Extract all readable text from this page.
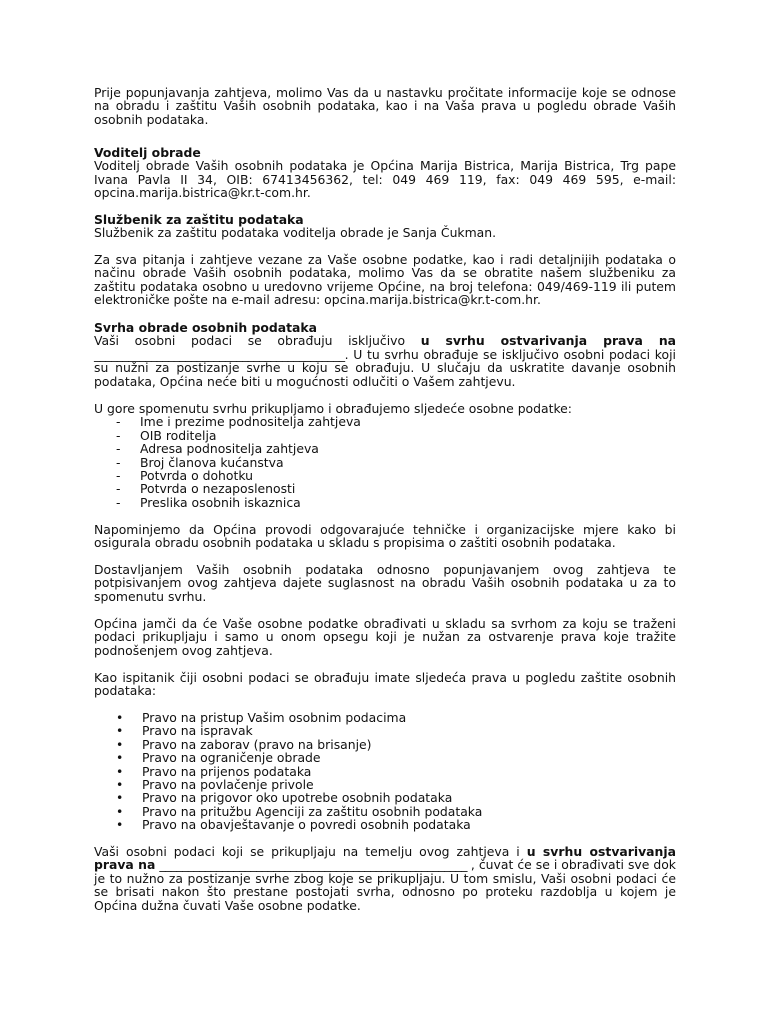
Prije popunjavanja zahtjeva, molimo Vas da u nastavku pročitate informacije koje se odnose na obradu i zaštitu Vaših osobnih podataka, kao i na Vaša prava u pogledu obrade Vaših osobnih podataka.

Voditelj obrade

Voditelj obrade Vaših osobnih podataka je Općina Marija Bistrica, Marija Bistrica, Trg pape Ivana Pavla II 34, OIB: 67413456362, tel: 049 469 119, fax: 049 469 595, e-mail: opcina.marija.bistrica@kr.t-com.hr.

Službenik za zaštitu podataka

Službenik za zaštitu podataka voditelja obrade je Sanja Čukman.

Za sva pitanja i zahtjeve vezane za Vaše osobne podatke, kao i radi detaljnijih podataka o načinu obrade Vaših osobnih podataka, molimo Vas da se obratite našem službeniku za zaštitu podataka osobno u uredovno vrijeme Općine, na broj telefona: 049/469-119 ili putem elektroničke pošte na e-mail adresu: opcina.marija.bistrica@kr.t-com.hr.

Svrha obrade osobnih podataka

Vaši osobni podaci se obrađuju isključivo u svrhu ostvarivanja prava na ____________________________________________. U tu svrhu obrađuje se isključivo osobni podaci koji su nužni za postizanje svrhe u koju se obrađuju. U slučaju da uskratite davanje osobnih podataka, Općina neće biti u mogućnosti odlučiti o Vašem zahtjevu.

U gore spomenutu svrhu prikupljamo i obrađujemo sljedeće osobne podatke:

- Ime i prezime podnositelja zahtjeva
- OIB roditelja
- Adresa podnositelja zahtjeva
- Broj članova kućanstva
- Potvrda o dohotku
- Potvrda o nezaposlenosti
- Preslika osobnih iskaznica

Napominjemo da Općina provodi odgovarajuće tehničke i organizacijske mjere kako bi osigurala obradu osobnih podataka u skladu s propisima o zaštiti osobnih podataka.

Dostavljanjem Vaših osobnih podataka odnosno popunjavanjem ovog zahtjeva te potpisivanjem ovog zahtjeva dajete suglasnost na obradu Vaših osobnih podataka u za to spomenutu svrhu.

Općina jamči da će Vaše osobne podatke obrađivati u skladu sa svrhom za koju se traženi podaci prikupljaju i samo u onom opsegu koji je nužan za ostvarenje prava koje tražite podnošenjem ovog zahtjeva.

Kao ispitanik čiji osobni podaci se obrađuju imate sljedeća prava u pogledu zaštite osobnih podataka:

• Pravo na pristup Vašim osobnim podacima
• Pravo na ispravak
• Pravo na zaborav (pravo na brisanje)
• Pravo na ograničenje obrade
• Pravo na prijenos podataka
• Pravo na povlačenje privole
• Pravo na prigovor oko upotrebe osobnih podataka
• Pravo na pritužbu Agenciji za zaštitu osobnih podataka
• Pravo na obavještavanje o povredi osobnih podataka

Vaši osobni podaci koji se prikupljaju na temelju ovog zahtjeva i u svrhu ostvarivanja prava na ______________________________________________________ , čuvat će se i obrađivati sve dok je to nužno za postizanje svrhe zbog koje se prikupljaju. U tom smislu, Vaši osobni podaci će se brisati nakon što prestane postojati svrha, odnosno po proteku razdoblja u kojem je Općina dužna čuvati Vaše osobne podatke.
